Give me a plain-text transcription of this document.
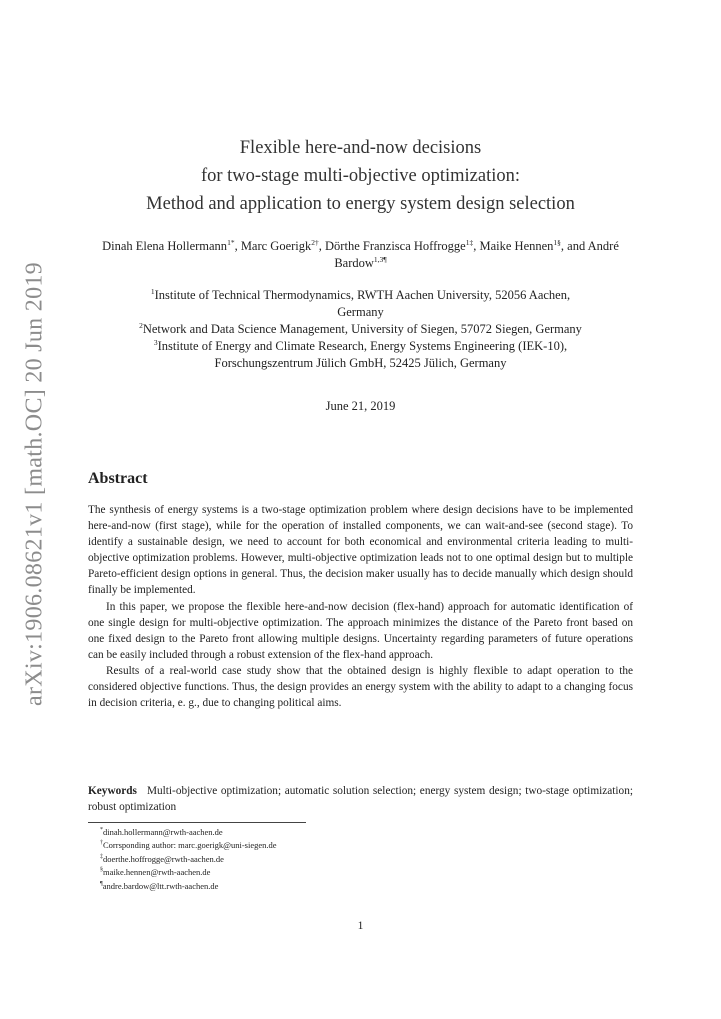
arXiv:1906.08621v1 [math.OC] 20 Jun 2019
Flexible here-and-now decisions
for two-stage multi-objective optimization:
Method and application to energy system design selection
Dinah Elena Hollermann$^{1*}$, Marc Goerigk$^{2\dagger}$, Dörthe Franzisca Hoffrogge$^{1\ddagger}$, Maike Hennen$^{1\S}$, and André Bardow$^{1,3\P}$
$^1$Institute of Technical Thermodynamics, RWTH Aachen University, 52056 Aachen,
Germany
$^2$Network and Data Science Management, University of Siegen, 57072 Siegen, Germany
$^3$Institute of Energy and Climate Research, Energy Systems Engineering (IEK-10),
Forschungszentrum Jülich GmbH, 52425 Jülich, Germany
June 21, 2019
Abstract

The synthesis of energy systems is a two-stage optimization problem where design decisions have to be implemented here-and-now (first stage), while for the operation of installed components, we can wait-and-see (second stage). To identify a sustainable design, we need to account for both economical and environmental criteria leading to multi-objective optimization problems. However, multi-objective optimization leads not to one optimal design but to multiple Pareto-efficient design options in general. Thus, the decision maker usually has to decide manually which design should finally be implemented.

In this paper, we propose the flexible here-and-now decision (flex-hand) approach for automatic identification of one single design for multi-objective optimization. The approach minimizes the distance of the Pareto front based on one fixed design to the Pareto front allowing multiple designs. Uncertainty regarding parameters of future operations can be easily included through a robust extension of the flex-hand approach.

Results of a real-world case study show that the obtained design is highly flexible to adapt operation to the considered objective functions. Thus, the design provides an energy system with the ability to adapt to a changing focus in decision criteria, e. g., due to changing political aims.

Keywords Multi-objective optimization; automatic solution selection; energy system design; two-stage optimization; robust optimization
*dinah.hollermann@rwth-aachen.de
†Corrsponding author: marc.goerigk@uni-siegen.de
‡doerthe.hoffrogge@rwth-aachen.de
§maike.hennen@rwth-aachen.de
¶andre.bardow@ltt.rwth-aachen.de
1
